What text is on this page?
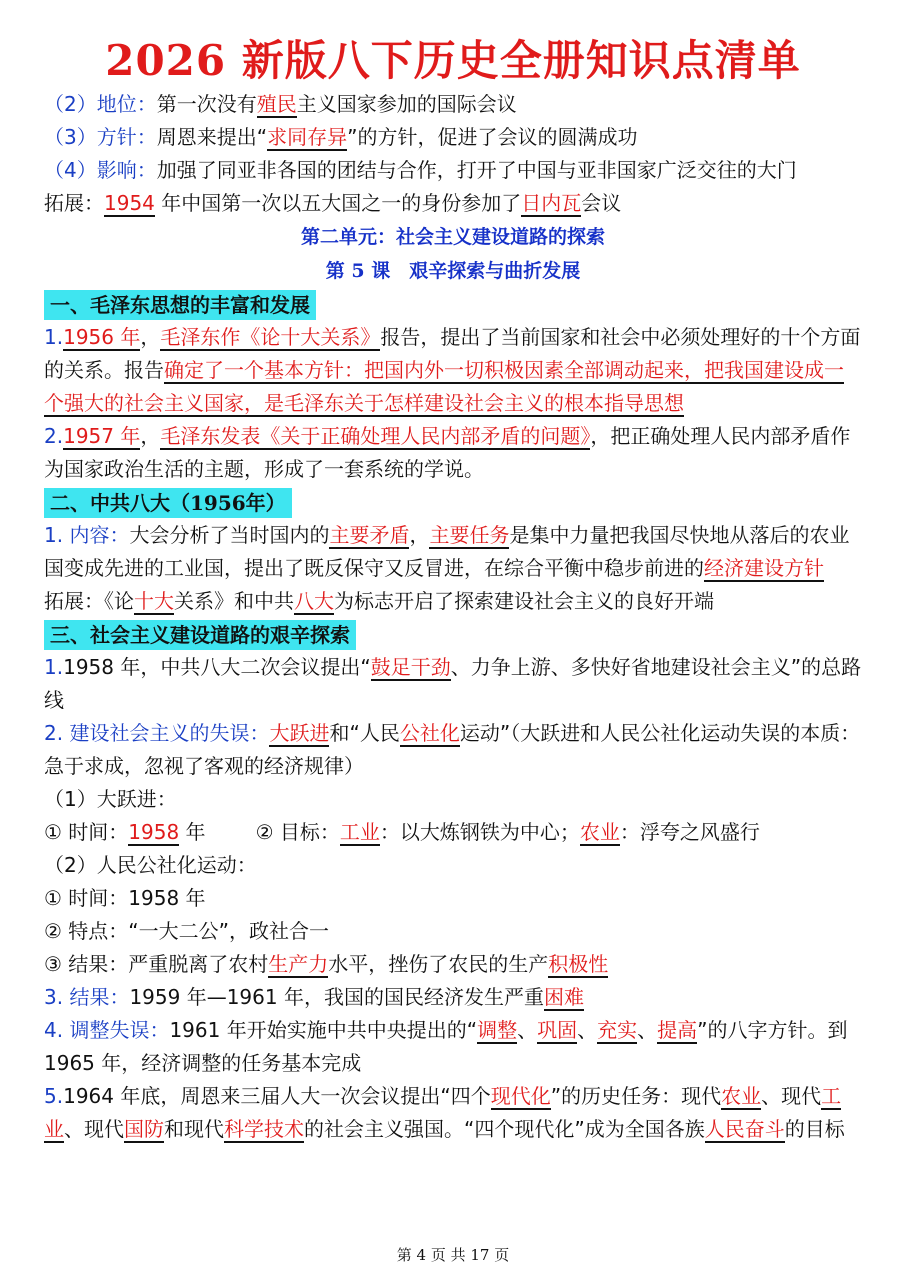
2026 新版八下历史全册知识点清单
（2）地位：第一次没有殖民主义国家参加的国际会议
（3）方针：周恩来提出“求同存异”的方针，促进了会议的圆满成功
（4）影响：加强了同亚非各国的团结与合作，打开了中国与亚非国家广泛交往的大门
拓展：1954 年中国第一次以五大国之一的身份参加了日内瓦会议
第二单元：社会主义建设道路的探索
第 5 课　艰辛探索与曲折发展
一、毛泽东思想的丰富和发展
1.1956 年，毛泽东作《论十大关系》报告，提出了当前国家和社会中必须处理好的十个方面的关系。报告确定了一个基本方针：把国内外一切积极因素全部调动起来，把我国建设成一个强大的社会主义国家，是毛泽东关于怎样建设社会主义的根本指导思想
2.1957 年，毛泽东发表《关于正确处理人民内部矛盾的问题》，把正确处理人民内部矛盾作为国家政治生活的主题，形成了一套系统的学说。
二、中共八大（1956年）
1. 内容：大会分析了当时国内的主要矛盾，主要任务是集中力量把我国尽快地从落后的农业国变成先进的工业国，提出了既反保守又反冒进，在综合平衡中稳步前进的经济建设方针
拓展：《论十大关系》和中共八大为标志开启了探索建设社会主义的良好开端
三、社会主义建设道路的艰辛探索
1.1958 年，中共八大二次会议提出“鼓足干劲、力争上游、多快好省地建设社会主义”的总路线
2. 建设社会主义的失误：大跃进和“人民公社化运动”（大跃进和人民公社化运动失误的本质：急于求成，忽视了客观的经济规律）
（1）大跃进：
① 时间：1958 年	② 目标：工业：以大炼钢铁为中心；农业：浮夸之风盛行
（2）人民公社化运动：
① 时间：1958 年
② 特点：“一大二公”，政社合一
③ 结果：严重脱离了农村生产力水平，挫伤了农民的生产积极性
3. 结果：1959 年—1961 年，我国的国民经济发生严重困难
4. 调整失误：1961 年开始实施中共中央提出的“调整、巩固、充实、提高”的八字方针。到 1965 年，经济调整的任务基本完成
5.1964 年底，周恩来三届人大一次会议提出“四个现代化”的历史任务：现代农业、现代工业、现代国防和现代科学技术的社会主义强国。“四个现代化”成为全国各族人民奋斗的目标
第 4 页 共 17 页
